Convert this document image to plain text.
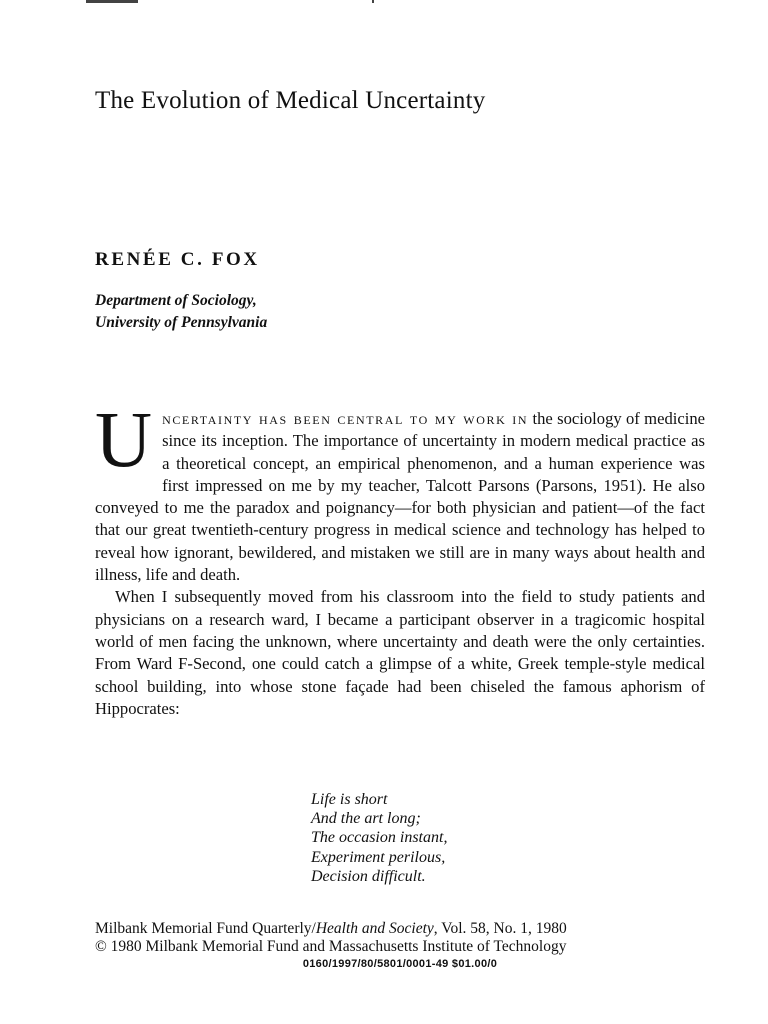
The Evolution of Medical Uncertainty
RENÉE C. FOX
Department of Sociology,
University of Pennsylvania

Uncertainty has been central to my work in the sociology of medicine since its inception. The importance of uncertainty in modern medical practice as a theoretical concept, an empirical phenomenon, and a human experience was first impressed on me by my teacher, Talcott Parsons (Parsons, 1951). He also conveyed to me the paradox and poignancy—for both physician and patient—of the fact that our great twentieth-century progress in medical science and technology has helped to reveal how ignorant, bewildered, and mistaken we still are in many ways about health and illness, life and death.

When I subsequently moved from his classroom into the field to study patients and physicians on a research ward, I became a participant observer in a tragicomic hospital world of men facing the unknown, where uncertainty and death were the only certainties. From Ward F-Second, one could catch a glimpse of a white, Greek temple-style medical school building, into whose stone façade had been chiseled the famous aphorism of Hippocrates:

Life is short
And the art long;
The occasion instant,
Experiment perilous,
Decision difficult.
Milbank Memorial Fund Quarterly/Health and Society, Vol. 58, No. 1, 1980
© 1980 Milbank Memorial Fund and Massachusetts Institute of Technology
0160/1997/80/5801/0001-49 $01.00/0
